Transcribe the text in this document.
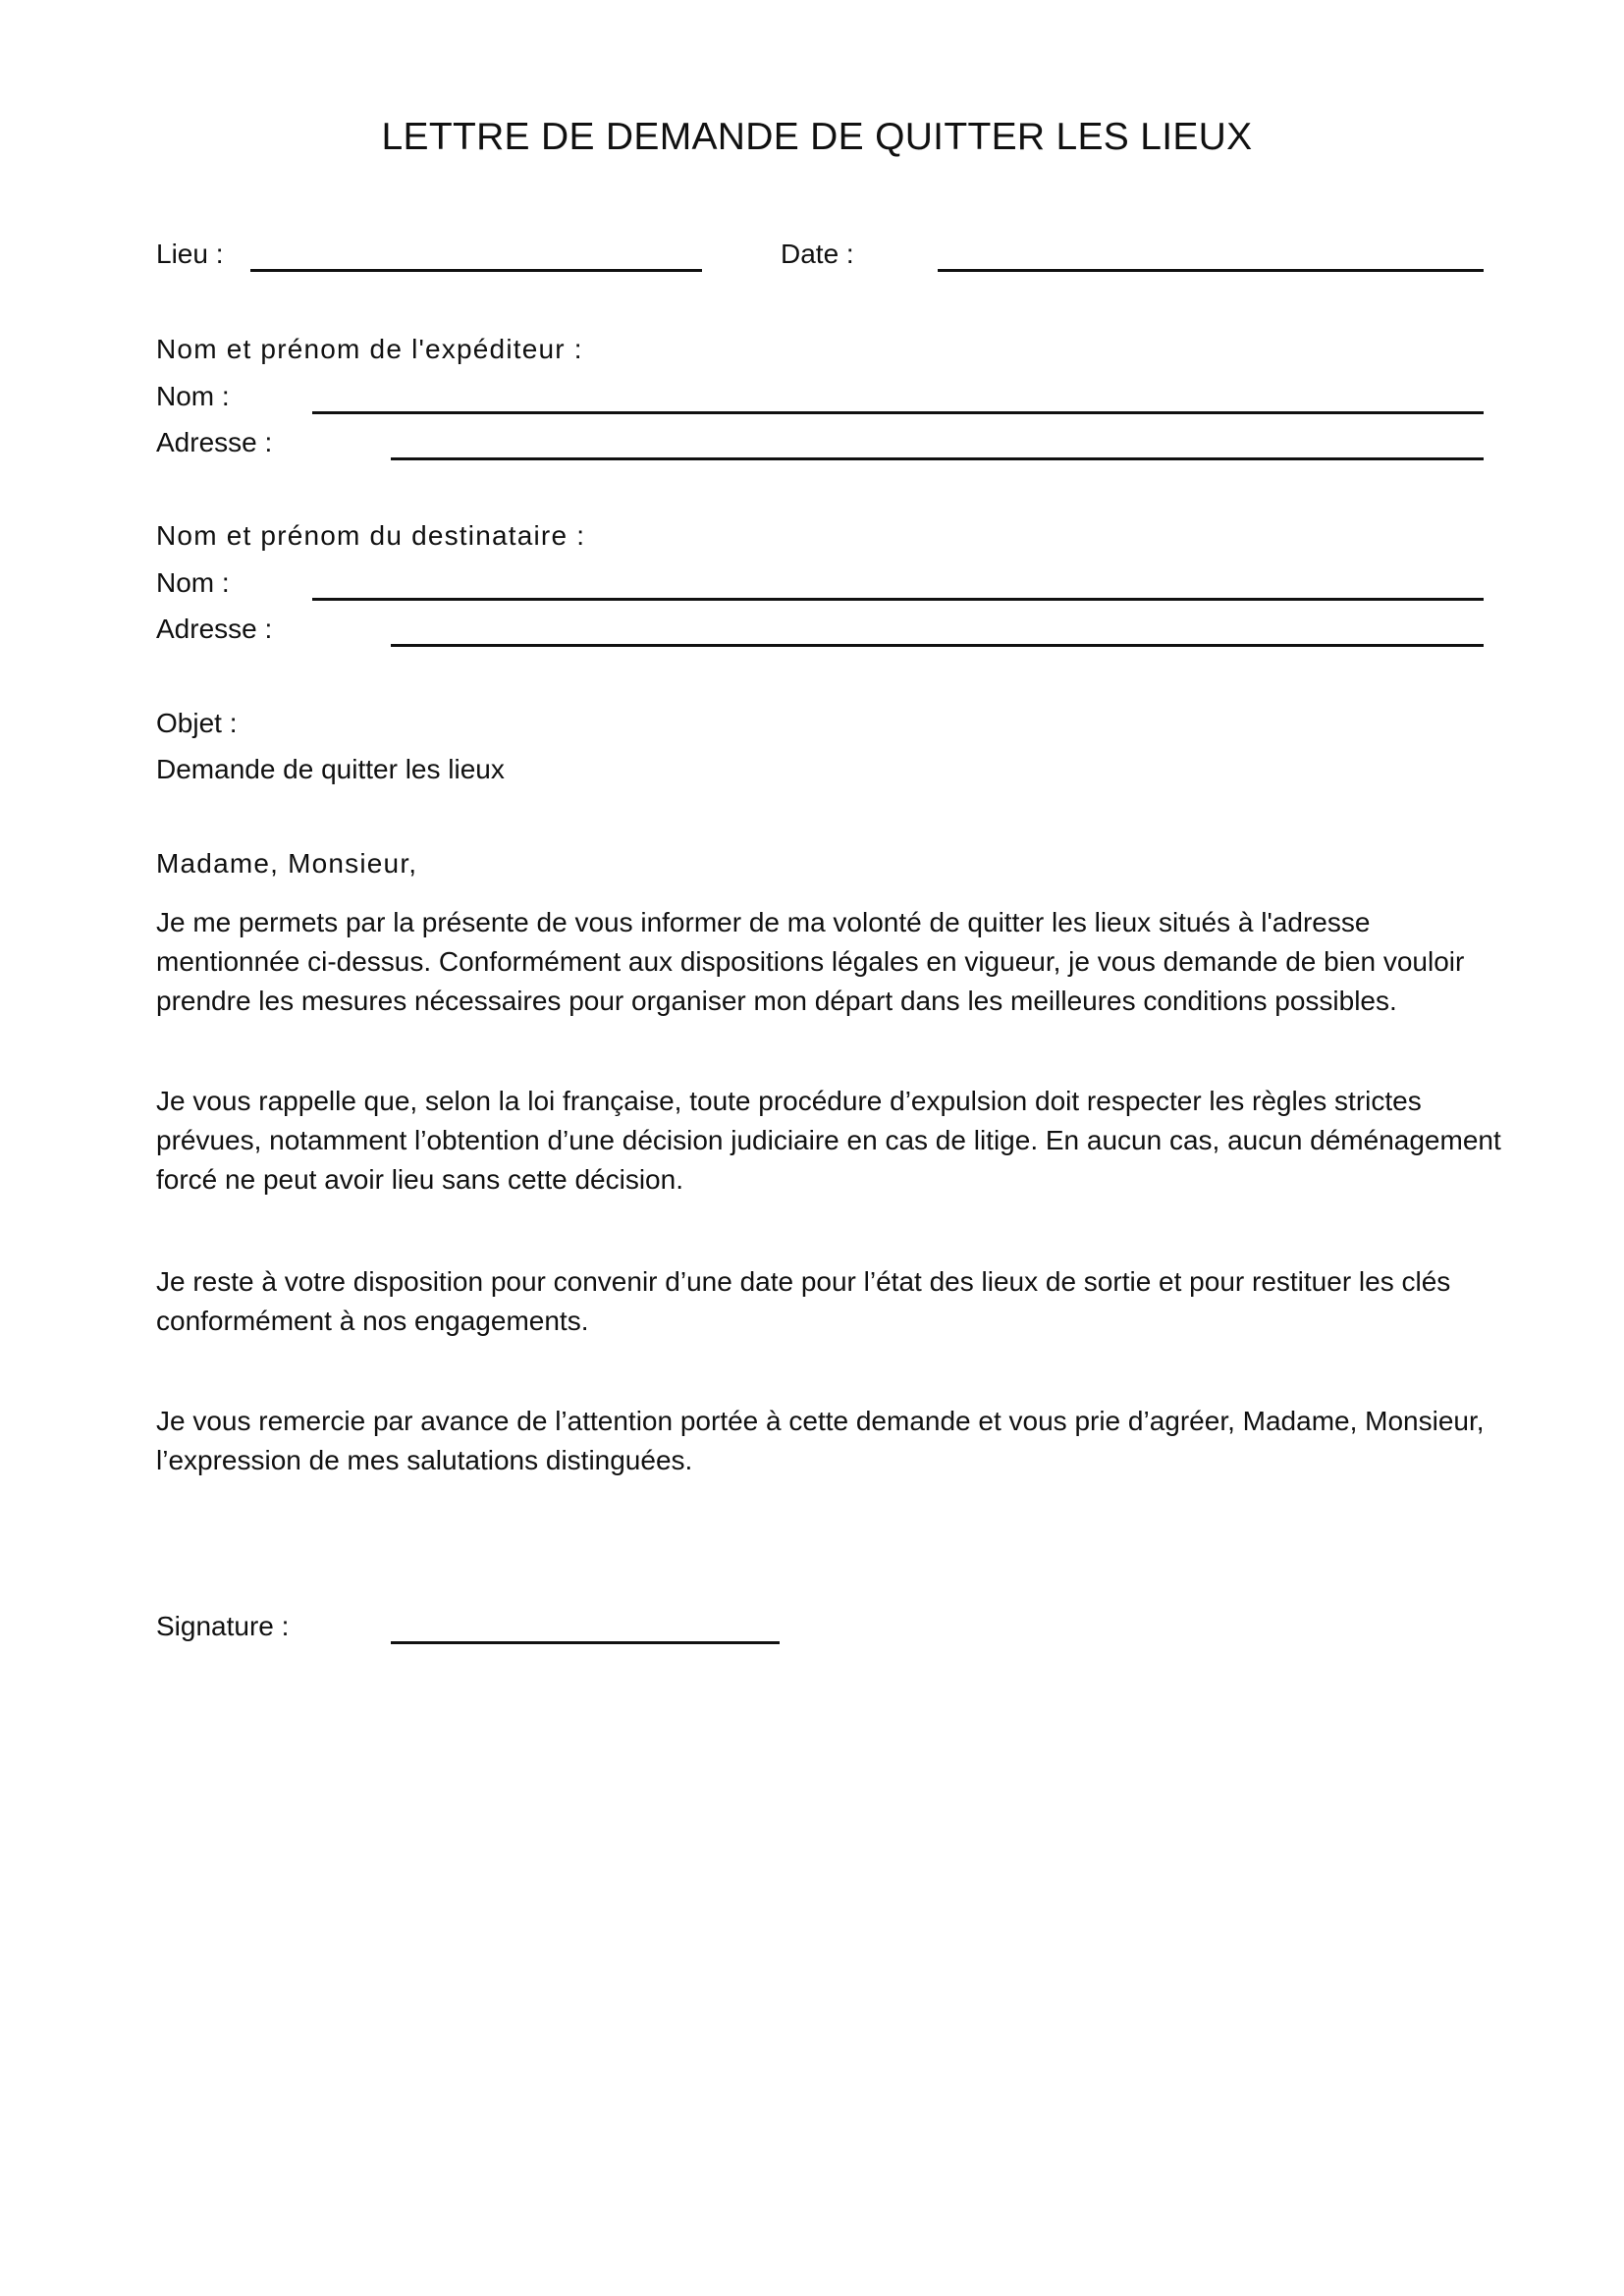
LETTRE DE DEMANDE DE QUITTER LES LIEUX
Lieu :	Date :
Nom et prénom de l'expéditeur :
Nom :
Adresse :
Nom et prénom du destinataire :
Nom :
Adresse :
Objet :
Demande de quitter les lieux
Madame, Monsieur,

Je me permets par la présente de vous informer de ma volonté de quitter les lieux situés à l'adresse mentionnée ci-dessus. Conformément aux dispositions légales en vigueur, je vous demande de bien vouloir prendre les mesures nécessaires pour organiser mon départ dans les meilleures conditions possibles.

Je vous rappelle que, selon la loi française, toute procédure d’expulsion doit respecter les règles strictes prévues, notamment l’obtention d’une décision judiciaire en cas de litige. En aucun cas, aucun déménagement forcé ne peut avoir lieu sans cette décision.

Je reste à votre disposition pour convenir d’une date pour l’état des lieux de sortie et pour restituer les clés conformément à nos engagements.

Je vous remercie par avance de l’attention portée à cette demande et vous prie d’agréer, Madame, Monsieur, l’expression de mes salutations distinguées.

Signature :
